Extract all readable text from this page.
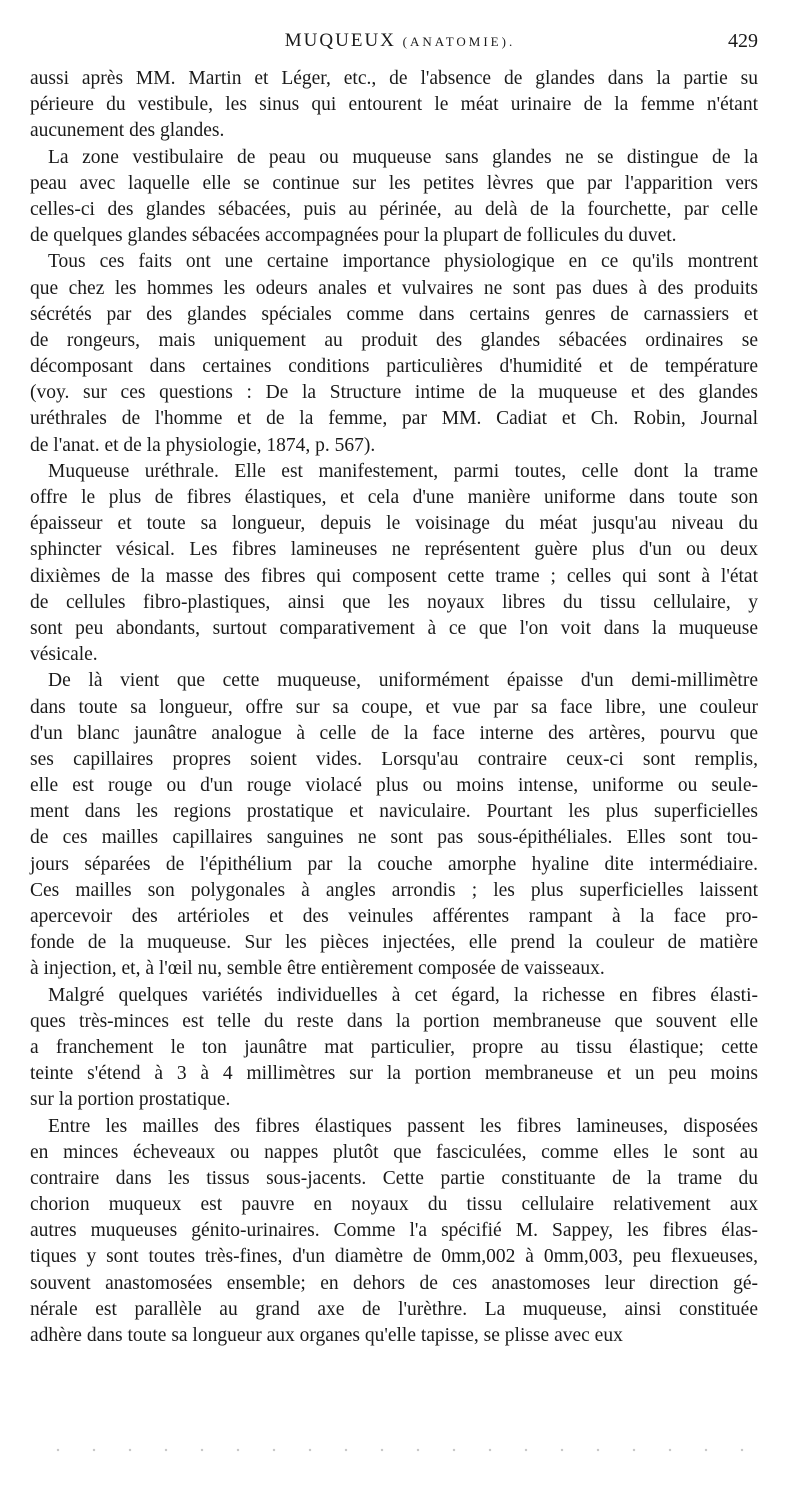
MUQUEUX (ANATOMIE).	429
aussi après MM. Martin et Léger, etc., de l'absence de glandes dans la partie su
périeure du vestibule, les sinus qui entourent le méat urinaire de la femme n'étant
aucunement des glandes.
La zone vestibulaire de peau ou muqueuse sans glandes ne se distingue de la
peau avec laquelle elle se continue sur les petites lèvres que par l'apparition vers
celles-ci des glandes sébacées, puis au périnée, au delà de la fourchette, par celle
de quelques glandes sébacées accompagnées pour la plupart de follicules du duvet.
Tous ces faits ont une certaine importance physiologique en ce qu'ils montrent
que chez les hommes les odeurs anales et vulvaires ne sont pas dues à des produits
sécrétés par des glandes spéciales comme dans certains genres de carnassiers et
de rongeurs, mais uniquement au produit des glandes sébacées ordinaires se
décomposant dans certaines conditions particulières d'humidité et de température
(voy. sur ces questions : De la Structure intime de la muqueuse et des glandes
uréthrales de l'homme et de la femme, par MM. Cadiat et Ch. Robin, Journal
de l'anat. et de la physiologie, 1874, p. 567).
Muqueuse uréthrale. Elle est manifestement, parmi toutes, celle dont la trame
offre le plus de fibres élastiques, et cela d'une manière uniforme dans toute son
épaisseur et toute sa longueur, depuis le voisinage du méat jusqu'au niveau du
sphincter vésical. Les fibres lamineuses ne représentent guère plus d'un ou deux
dixièmes de la masse des fibres qui composent cette trame ; celles qui sont à l'état
de cellules fibro-plastiques, ainsi que les noyaux libres du tissu cellulaire, y
sont peu abondants, surtout comparativement à ce que l'on voit dans la muqueuse
vésicale.
De là vient que cette muqueuse, uniformément épaisse d'un demi-millimètre
dans toute sa longueur, offre sur sa coupe, et vue par sa face libre, une couleur
d'un blanc jaunâtre analogue à celle de la face interne des artères, pourvu que
ses capillaires propres soient vides. Lorsqu'au contraire ceux-ci sont remplis,
elle est rouge ou d'un rouge violacé plus ou moins intense, uniforme ou seule-
ment dans les regions prostatique et naviculaire. Pourtant les plus superficielles
de ces mailles capillaires sanguines ne sont pas sous-épithéliales. Elles sont tou-
jours séparées de l'épithélium par la couche amorphe hyaline dite intermédiaire.
Ces mailles son polygonales à angles arrondis ; les plus superficielles laissent
apercevoir des artérioles et des veinules afférentes rampant à la face pro-
fonde de la muqueuse. Sur les pièces injectées, elle prend la couleur de matière
à injection, et, à l'œil nu, semble être entièrement composée de vaisseaux.
Malgré quelques variétés individuelles à cet égard, la richesse en fibres élasti-
ques très-minces est telle du reste dans la portion membraneuse que souvent elle
a franchement le ton jaunâtre mat particulier, propre au tissu élastique; cette
teinte s'étend à 3 à 4 millimètres sur la portion membraneuse et un peu moins
sur la portion prostatique.
Entre les mailles des fibres élastiques passent les fibres lamineuses, disposées
en minces écheveaux ou nappes plutôt que fasciculées, comme elles le sont au
contraire dans les tissus sous-jacents. Cette partie constituante de la trame du
chorion muqueux est pauvre en noyaux du tissu cellulaire relativement aux
autres muqueuses génito-urinaires. Comme l'a spécifié M. Sappey, les fibres élas-
tiques y sont toutes très-fines, d'un diamètre de 0mm,002 à 0mm,003, peu flexueuses,
souvent anastomosées ensemble; en dehors de ces anastomoses leur direction gé-
nérale est parallèle au grand axe de l'urèthre. La muqueuse, ainsi constituée
adhère dans toute sa longueur aux organes qu'elle tapisse, se plisse avec eux
